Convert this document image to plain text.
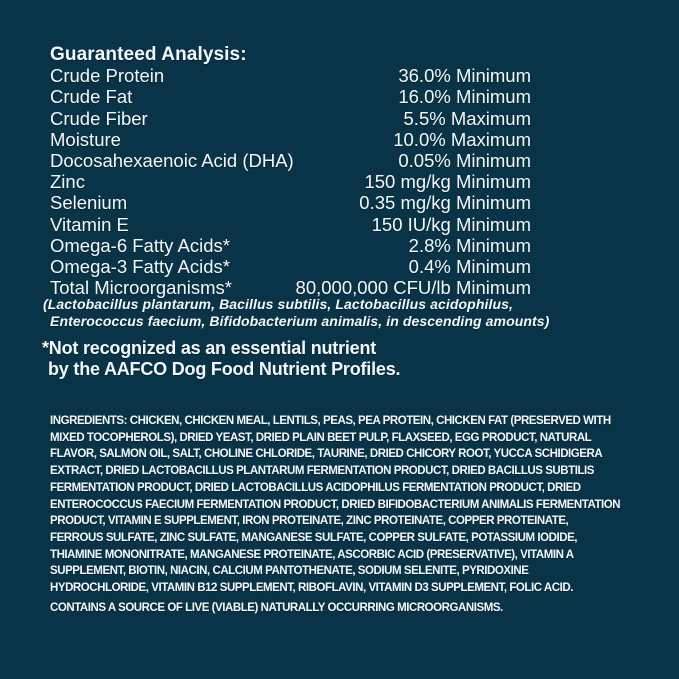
Guaranteed Analysis:
Crude Protein	36.0% Minimum
Crude Fat	16.0% Minimum
Crude Fiber	5.5% Maximum
Moisture	10.0% Maximum
Docosahexaenoic Acid (DHA)	0.05% Minimum
Zinc	150 mg/kg Minimum
Selenium	0.35 mg/kg Minimum
Vitamin E	150 IU/kg Minimum
Omega-6 Fatty Acids*	2.8% Minimum
Omega-3 Fatty Acids*	0.4% Minimum
Total Microorganisms*	80,000,000 CFU/lb Minimum
(Lactobacillus plantarum, Bacillus subtilis, Lactobacillus acidophilus,
Enterococcus faecium, Bifidobacterium animalis, in descending amounts)
*Not recognized as an essential nutrient
by the AAFCO Dog Food Nutrient Profiles.
INGREDIENTS: CHICKEN, CHICKEN MEAL, LENTILS, PEAS, PEA PROTEIN, CHICKEN FAT (PRESERVED WITH MIXED TOCOPHEROLS), DRIED YEAST, DRIED PLAIN BEET PULP, FLAXSEED, EGG PRODUCT, NATURAL FLAVOR, SALMON OIL, SALT, CHOLINE CHLORIDE, TAURINE, DRIED CHICORY ROOT, YUCCA SCHIDIGERA EXTRACT, DRIED LACTOBACILLUS PLANTARUM FERMENTATION PRODUCT, DRIED BACILLUS SUBTILIS FERMENTATION PRODUCT, DRIED LACTOBACILLUS ACIDOPHILUS FERMENTATION PRODUCT, DRIED ENTEROCOCCUS FAECIUM FERMENTATION PRODUCT, DRIED BIFIDOBACTERIUM ANIMALIS FERMENTATION PRODUCT, VITAMIN E SUPPLEMENT, IRON PROTEINATE, ZINC PROTEINATE, COPPER PROTEINATE, FERROUS SULFATE, ZINC SULFATE, MANGANESE SULFATE, COPPER SULFATE, POTASSIUM IODIDE, THIAMINE MONONITRATE, MANGANESE PROTEINATE, ASCORBIC ACID (PRESERVATIVE), VITAMIN A SUPPLEMENT, BIOTIN, NIACIN, CALCIUM PANTOTHENATE, SODIUM SELENITE, PYRIDOXINE HYDROCHLORIDE, VITAMIN B12 SUPPLEMENT, RIBOFLAVIN, VITAMIN D3 SUPPLEMENT, FOLIC ACID.
CONTAINS A SOURCE OF LIVE (VIABLE) NATURALLY OCCURRING MICROORGANISMS.
